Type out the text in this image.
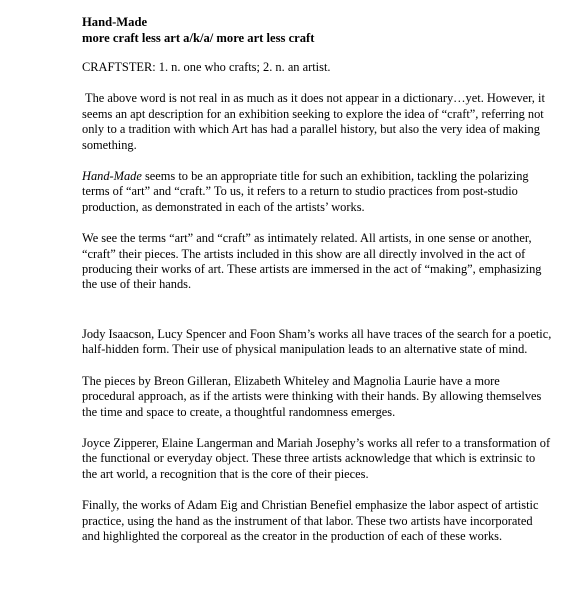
Hand-Made
more craft less art a/k/a/ more art less craft

CRAFTSTER: 1. n. one who crafts; 2. n. an artist.

The above word is not real in as much as it does not appear in a dictionary…yet. However, it seems an apt description for an exhibition seeking to explore the idea of “craft”, referring not only to a tradition with which Art has had a parallel history, but also the very idea of making something.

Hand-Made seems to be an appropriate title for such an exhibition, tackling the polarizing terms of “art” and “craft.” To us, it refers to a return to studio practices from post-studio production, as demonstrated in each of the artists’ works.

We see the terms “art” and “craft” as intimately related. All artists, in one sense or another, “craft” their pieces. The artists included in this show are all directly involved in the act of producing their works of art. These artists are immersed in the act of “making”, emphasizing the use of their hands.

Jody Isaacson, Lucy Spencer and Foon Sham’s works all have traces of the search for a poetic, half-hidden form. Their use of physical manipulation leads to an alternative state of mind.

The pieces by Breon Gilleran, Elizabeth Whiteley and Magnolia Laurie have a more procedural approach, as if the artists were thinking with their hands. By allowing themselves the time and space to create, a thoughtful randomness emerges.

Joyce Zipperer, Elaine Langerman and Mariah Josephy’s works all refer to a transformation of the functional or everyday object. These three artists acknowledge that which is extrinsic to the art world, a recognition that is the core of their pieces.

Finally, the works of Adam Eig and Christian Benefiel emphasize the labor aspect of artistic practice, using the hand as the instrument of that labor. These two artists have incorporated and highlighted the corporeal as the creator in the production of each of these works.
